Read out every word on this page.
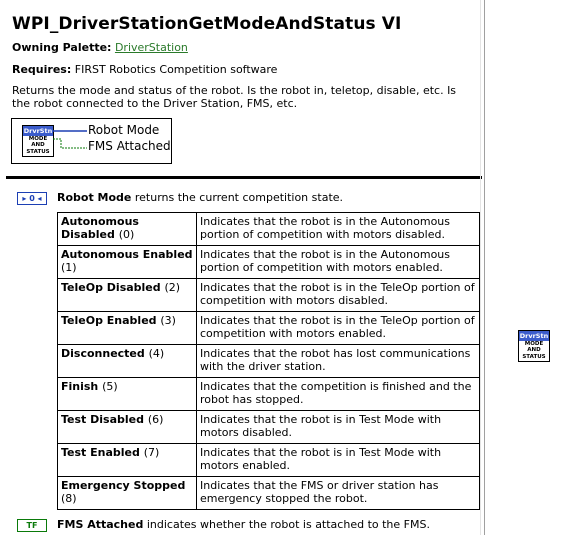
WPI_DriverStationGetModeAndStatus VI
Owning Palette: DriverStation
Requires: FIRST Robotics Competition software
Returns the mode and status of the robot. Is the robot in, teletop, disable, etc. Is the robot connected to the Driver Station, FMS, etc.
DrvrStn
MODE
AND
STATUS
Robot Mode
FMS Attached
▸ 0 ◂	Robot Mode returns the current competition state.
Autonomous Disabled (0)	Indicates that the robot is in the Autonomous portion of competition with motors disabled.
Autonomous Enabled (1)	Indicates that the robot is in the Autonomous portion of competition with motors enabled.
TeleOp Disabled (2)	Indicates that the robot is in the TeleOp portion of competition with motors disabled.
TeleOp Enabled (3)	Indicates that the robot is in the TeleOp portion of competition with motors enabled.
Disconnected (4)	Indicates that the robot has lost communications with the driver station.
Finish (5)	Indicates that the competition is finished and the robot has stopped.
Test Disabled (6)	Indicates that the robot is in Test Mode with motors disabled.
Test Enabled (7)	Indicates that the robot is in Test Mode with motors enabled.
Emergency Stopped (8)	Indicates that the FMS or driver station has emergency stopped the robot.
TF	FMS Attached indicates whether the robot is attached to the FMS.
DrvrStn
MODE
AND
STATUS
